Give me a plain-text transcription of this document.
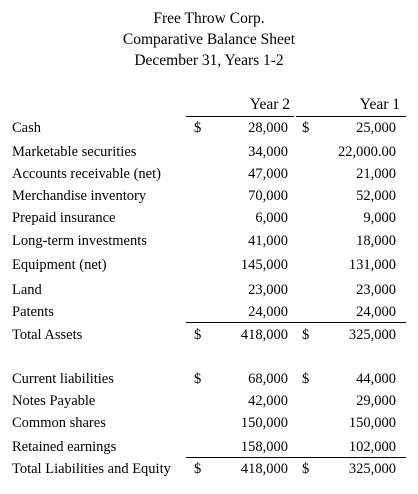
Free Throw Corp.
Comparative Balance Sheet
December 31, Years 1-2
Year 2	Year 1
Cash	$	28,000 $	25,000
Marketable securities	34,000	22,000.00
Accounts receivable (net)	47,000	21,000
Merchandise inventory	70,000	52,000
Prepaid insurance	6,000	9,000
Long-term investments	41,000	18,000
Equipment (net)	145,000	131,000
Land	23,000	23,000
Patents	24,000	24,000
Total Assets	$	418,000 $	325,000
Current liabilities	$	68,000 $	44,000
Notes Payable	42,000	29,000
Common shares	150,000	150,000
Retained earnings	158,000	102,000
Total Liabilities and Equity $	418,000 $	325,000
